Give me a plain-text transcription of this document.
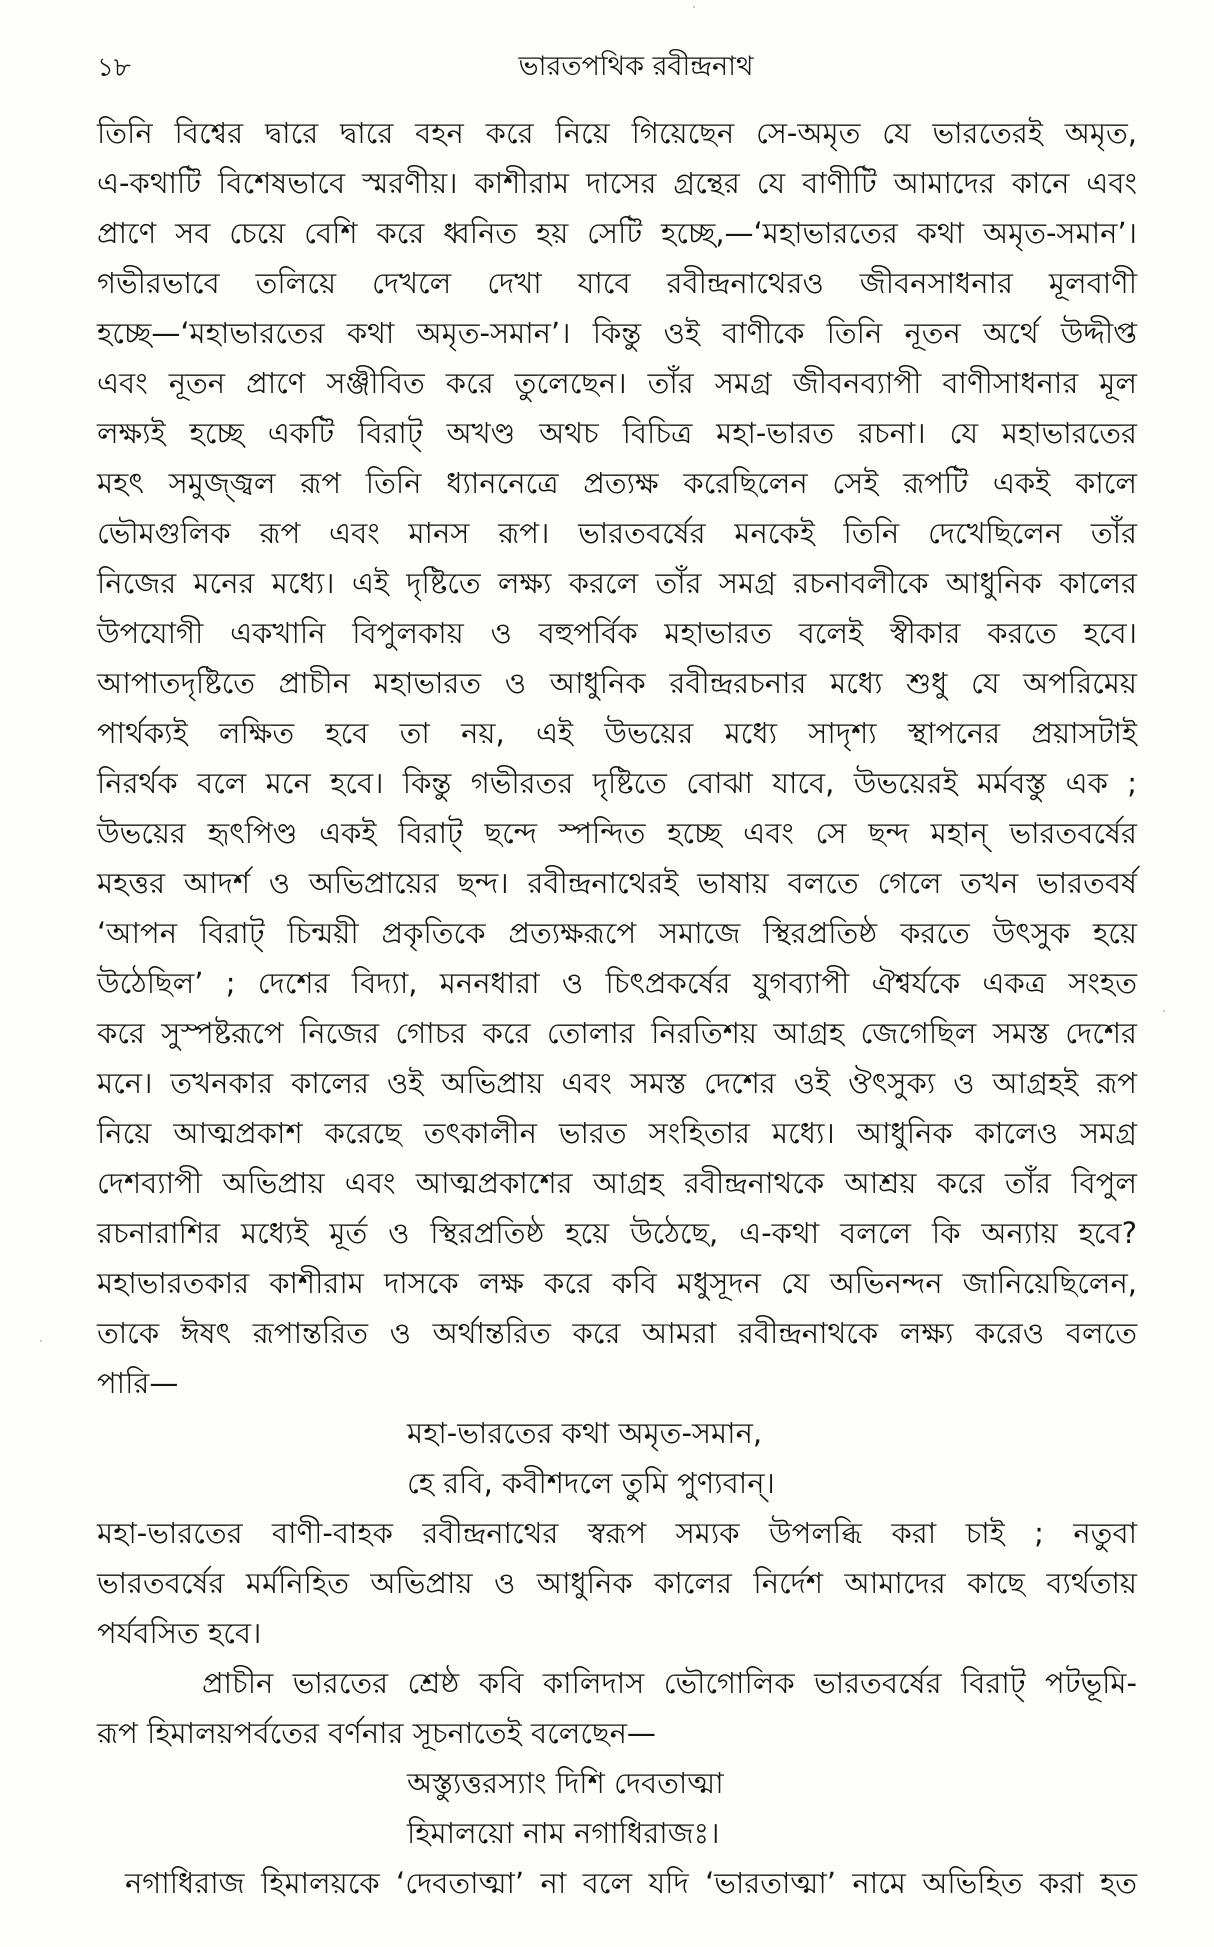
১৮	ভারতপথিক রবীন্দ্রনাথ
তিনি বিশ্বের দ্বারে দ্বারে বহন করে নিয়ে গিয়েছেন সে-অমৃত যে ভারতেরই অমৃত,
এ-কথাটি বিশেষভাবে স্মরণীয়। কাশীরাম দাসের গ্রন্থের যে বাণীটি আমাদের কানে এবং
প্রাণে সব চেয়ে বেশি করে ধ্বনিত হয় সেটি হচ্ছে,—‘মহাভারতের কথা অমৃত-সমান’।
গভীরভাবে তলিয়ে দেখলে দেখা যাবে রবীন্দ্রনাথেরও জীবনসাধনার মূলবাণী
হচ্ছে—‘মহাভারতের কথা অমৃত-সমান’। কিন্তু ওই বাণীকে তিনি নূতন অর্থে উদ্দীপ্ত
এবং নূতন প্রাণে সঞ্জীবিত করে তুলেছেন। তাঁর সমগ্র জীবনব্যাপী বাণীসাধনার মূল
লক্ষ্যই হচ্ছে একটি বিরাট্ অখণ্ড অথচ বিচিত্র মহা-ভারত রচনা। যে মহাভারতের
মহৎ সমুজ্জ্বল রূপ তিনি ধ্যাননেত্রে প্রত্যক্ষ করেছিলেন সেই রূপটি একই কালে
ভৌমগুলিক রূপ এবং মানস রূপ। ভারতবর্ষের মনকেই তিনি দেখেছিলেন তাঁর
নিজের মনের মধ্যে। এই দৃষ্টিতে লক্ষ্য করলে তাঁর সমগ্র রচনাবলীকে আধুনিক কালের
উপযোগী একখানি বিপুলকায় ও বহুপর্বিক মহাভারত বলেই স্বীকার করতে হবে।
আপাতদৃষ্টিতে প্রাচীন মহাভারত ও আধুনিক রবীন্দ্ররচনার মধ্যে শুধু যে অপরিমেয়
পার্থক্যই লক্ষিত হবে তা নয়, এই উভয়ের মধ্যে সাদৃশ্য স্থাপনের প্রয়াসটাই
নিরর্থক বলে মনে হবে। কিন্তু গভীরতর দৃষ্টিতে বোঝা যাবে, উভয়েরই মর্মবস্তু এক ;
উভয়ের হৃৎপিণ্ড একই বিরাট্ ছন্দে স্পন্দিত হচ্ছে এবং সে ছন্দ মহান্ ভারতবর্ষের
মহত্তর আদর্শ ও অভিপ্রায়ের ছন্দ। রবীন্দ্রনাথেরই ভাষায় বলতে গেলে তখন ভারতবর্ষ
‘আপন বিরাট্ চিন্ময়ী প্রকৃতিকে প্রত্যক্ষরূপে সমাজে স্থিরপ্রতিষ্ঠ করতে উৎসুক হয়ে
উঠেছিল’ ; দেশের বিদ্যা, মননধারা ও চিৎপ্রকর্ষের যুগব্যাপী ঐশ্বর্যকে একত্র সংহত
করে সুস্পষ্টরূপে নিজের গোচর করে তোলার নিরতিশয় আগ্রহ জেগেছিল সমস্ত দেশের
মনে। তখনকার কালের ওই অভিপ্রায় এবং সমস্ত দেশের ওই ঔৎসুক্য ও আগ্রহই রূপ
নিয়ে আত্মপ্রকাশ করেছে তৎকালীন ভারত সংহিতার মধ্যে। আধুনিক কালেও সমগ্র
দেশব্যাপী অভিপ্রায় এবং আত্মপ্রকাশের আগ্রহ রবীন্দ্রনাথকে আশ্রয় করে তাঁর বিপুল
রচনারাশির মধ্যেই মূর্ত ও স্থিরপ্রতিষ্ঠ হয়ে উঠেছে, এ-কথা বললে কি অন্যায় হবে?
মহাভারতকার কাশীরাম দাসকে লক্ষ করে কবি মধুসূদন যে অভিনন্দন জানিয়েছিলেন,
তাকে ঈষৎ রূপান্তরিত ও অর্থান্তরিত করে আমরা রবীন্দ্রনাথকে লক্ষ্য করেও বলতে
পারি—
মহা-ভারতের কথা অমৃত-সমান,
হে রবি, কবীশদলে তুমি পুণ্যবান্।
মহা-ভারতের বাণী-বাহক রবীন্দ্রনাথের স্বরূপ সম্যক উপলব্ধি করা চাই ; নতুবা
ভারতবর্ষের মর্মনিহিত অভিপ্রায় ও আধুনিক কালের নির্দেশ আমাদের কাছে ব্যর্থতায়
পর্যবসিত হবে।
প্রাচীন ভারতের শ্রেষ্ঠ কবি কালিদাস ভৌগোলিক ভারতবর্ষের বিরাট্ পটভূমি-
রূপ হিমালয়পর্বতের বর্ণনার সূচনাতেই বলেছেন—
অস্ত্যুত্তরস্যাং দিশি দেবতাত্মা
হিমালয়ো নাম নগাধিরাজঃ।
নগাধিরাজ হিমালয়কে ‘দেবতাত্মা’ না বলে যদি ‘ভারতাত্মা’ নামে অভিহিত করা হত
